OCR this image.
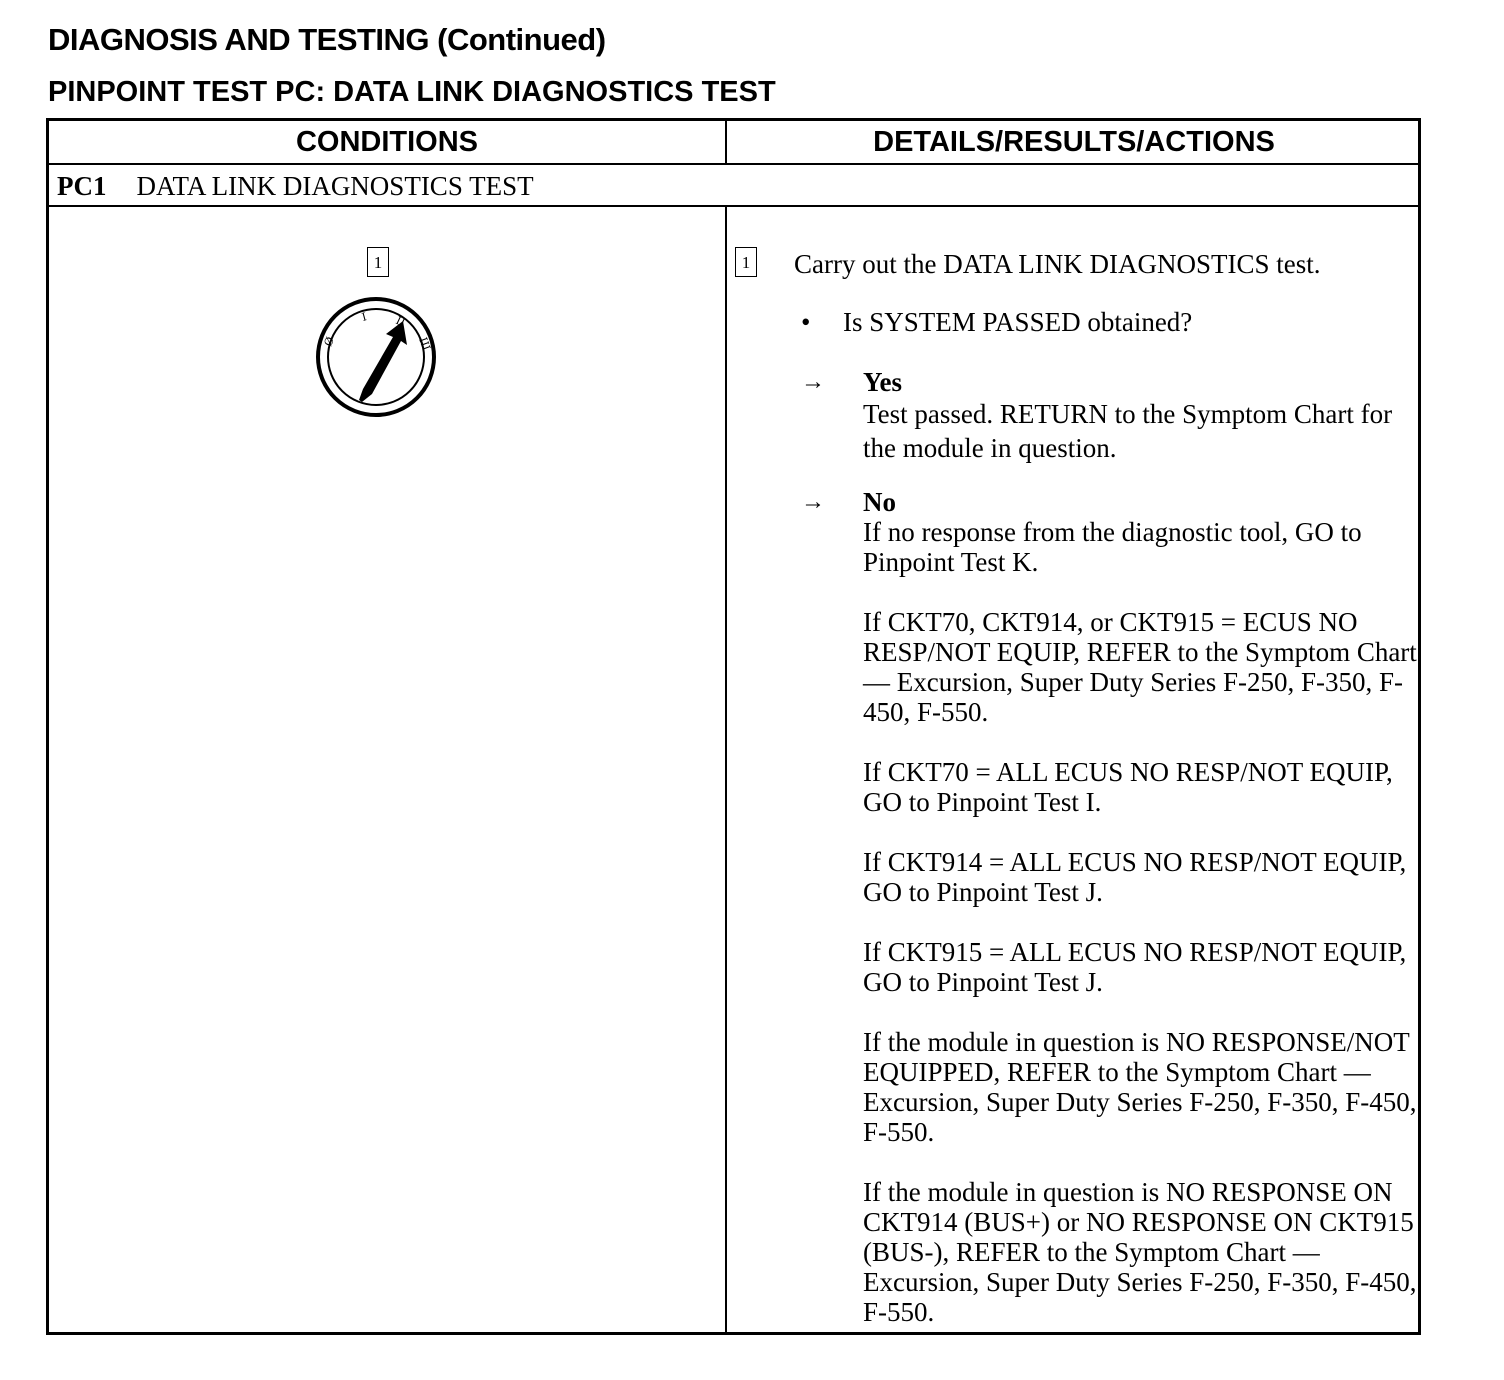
DIAGNOSIS AND TESTING (Continued)
PINPOINT TEST PC: DATA LINK DIAGNOSTICS TEST
CONDITIONS	DETAILS/RESULTS/ACTIONS
PC1 DATA LINK DIAGNOSTICS TEST
1
Ø
I II
III
1 Carry out the DATA LINK DIAGNOSTICS test.
• Is SYSTEM PASSED obtained?
→ Yes
Test passed. RETURN to the Symptom Chart for the module in question.
→ No
If no response from the diagnostic tool, GO to Pinpoint Test K.
If CKT70, CKT914, or CKT915 = ECUS NO RESP/NOT EQUIP, REFER to the Symptom Chart — Excursion, Super Duty Series F-250, F-350, F-450, F-550.
If CKT70 = ALL ECUS NO RESP/NOT EQUIP, GO to Pinpoint Test I.
If CKT914 = ALL ECUS NO RESP/NOT EQUIP, GO to Pinpoint Test J.
If CKT915 = ALL ECUS NO RESP/NOT EQUIP, GO to Pinpoint Test J.
If the module in question is NO RESPONSE/NOT EQUIPPED, REFER to the Symptom Chart — Excursion, Super Duty Series F-250, F-350, F-450, F-550.
If the module in question is NO RESPONSE ON CKT914 (BUS+) or NO RESPONSE ON CKT915 (BUS-), REFER to the Symptom Chart — Excursion, Super Duty Series F-250, F-350, F-450, F-550.
